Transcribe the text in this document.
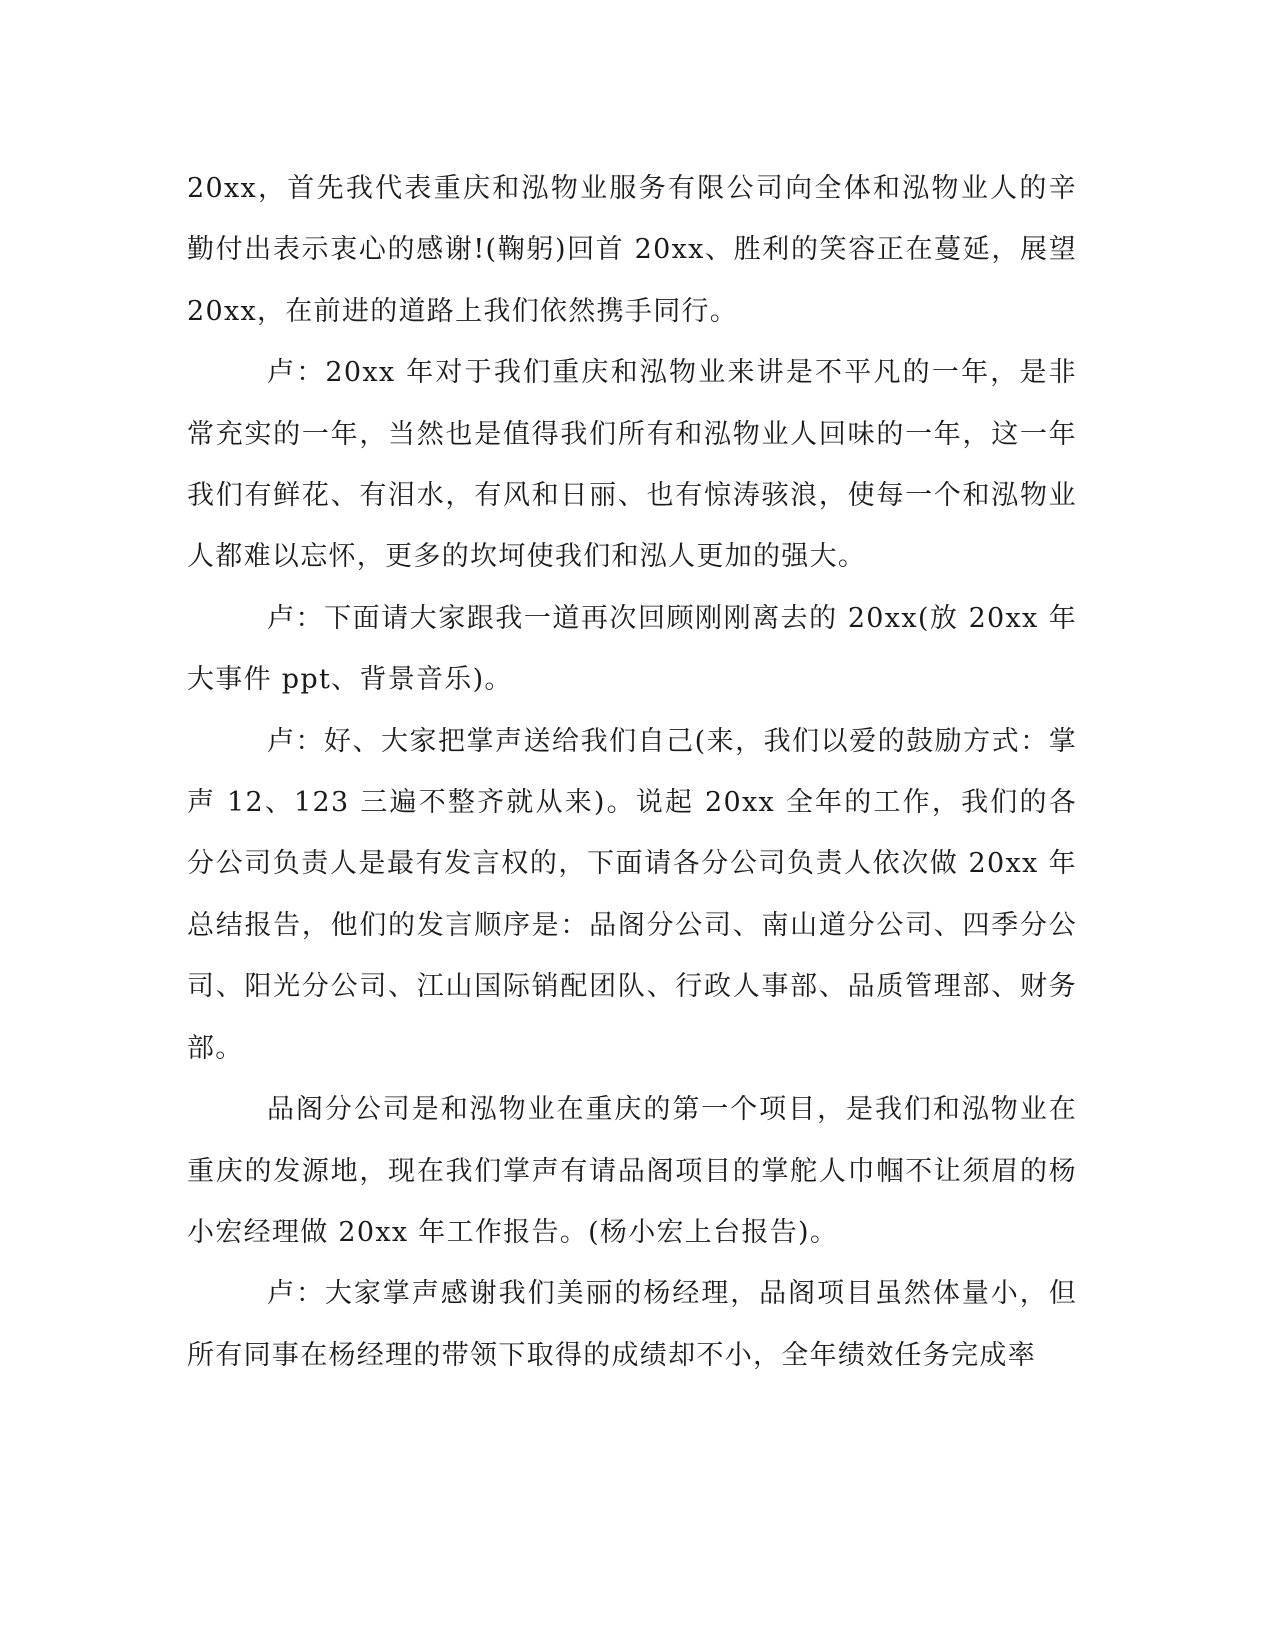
20xx，首先我代表重庆和泓物业服务有限公司向全体和泓物业人的辛勤付出表示衷心的感谢!(鞠躬)回首 20xx、胜利的笑容正在蔓延，展望 20xx，在前进的道路上我们依然携手同行。

卢：20xx 年对于我们重庆和泓物业来讲是不平凡的一年，是非常充实的一年，当然也是值得我们所有和泓物业人回味的一年，这一年我们有鲜花、有泪水，有风和日丽、也有惊涛骇浪，使每一个和泓物业人都难以忘怀，更多的坎坷使我们和泓人更加的强大。

卢：下面请大家跟我一道再次回顾刚刚离去的 20xx(放 20xx 年大事件 ppt、背景音乐)。

卢：好、大家把掌声送给我们自己(来，我们以爱的鼓励方式：掌声 12、123 三遍不整齐就从来)。说起 20xx 全年的工作，我们的各分公司负责人是最有发言权的，下面请各分公司负责人依次做 20xx 年总结报告，他们的发言顺序是：品阁分公司、南山道分公司、四季分公司、阳光分公司、江山国际销配团队、行政人事部、品质管理部、财务部。

品阁分公司是和泓物业在重庆的第一个项目，是我们和泓物业在重庆的发源地，现在我们掌声有请品阁项目的掌舵人巾帼不让须眉的杨小宏经理做 20xx 年工作报告。(杨小宏上台报告)。

卢：大家掌声感谢我们美丽的杨经理，品阁项目虽然体量小，但所有同事在杨经理的带领下取得的成绩却不小，全年绩效任务完成率
